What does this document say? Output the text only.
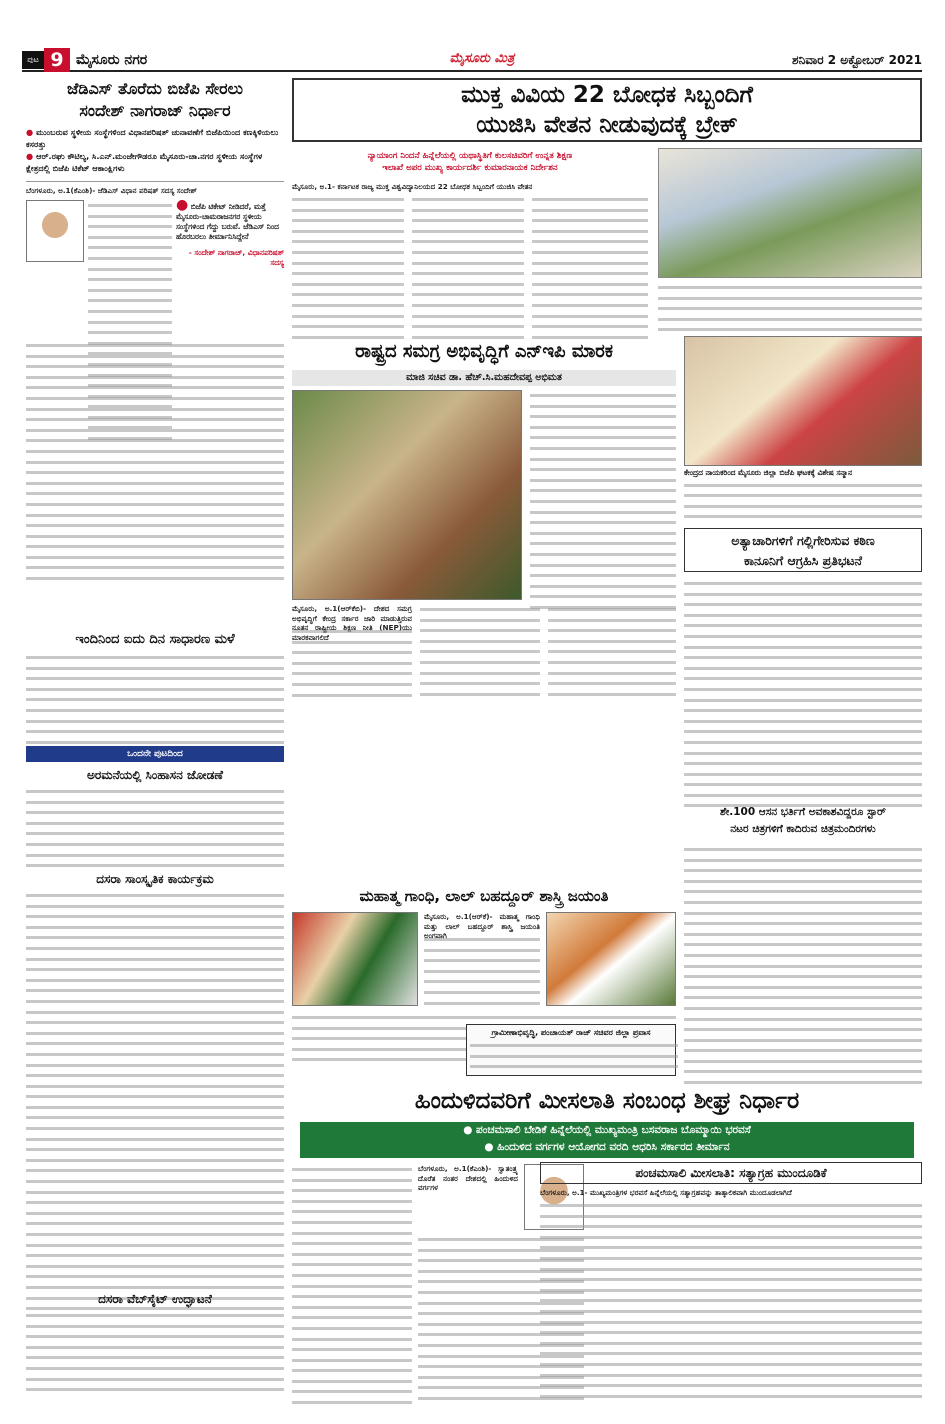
ಪುಟ 9 ಮೈಸೂರು ನಗರ	ಮೈಸೂರು ಮಿತ್ರ	ಶನಿವಾರ 2 ಅಕ್ಟೋಬರ್ 2021
ಜೆಡಿಎಸ್ ತೊರೆದು ಬಿಜೆಪಿ ಸೇರಲು
ಸಂದೇಶ್ ನಾಗರಾಜ್ ನಿರ್ಧಾರ
● ಮುಂಬರುವ ಸ್ಥಳೀಯ ಸಂಸ್ಥೆಗಳಿಂದ ವಿಧಾನಪರಿಷತ್ ಚುನಾವಣೆಗೆ ಬಿಜೆಪಿಯಿಂದ ಕಣಕ್ಕಿಳಿಯಲು ಕಸರತ್ತು
● ಆರ್.ರಘು ಕೌಟಿಲ್ಯ, ಸಿ.ಎನ್.ಮಂಜೇಗೌಡರೂ ಮೈಸೂರು-ಚಾ.ನಗರ ಸ್ಥಳೀಯ ಸಂಸ್ಥೆಗಳ ಕ್ಷೇತ್ರದಲ್ಲಿ ಬಿಜೆಪಿ ಟಿಕೆಟ್ ಆಕಾಂಕ್ಷಿಗಳು
ಬೆಂಗಳೂರು, ಅ.1(ಕೆಎಂಶಿ)- ಜೆಡಿಎಸ್ ವಿಧಾನ ಪರಿಷತ್ ಸದಸ್ಯ ಸಂದೇಶ್
● ಬಿಜೆಪಿ ಟಿಕೇಟ್ ನೀಡಿದರೆ, ಮತ್ತೆ ಮೈಸೂರು-ಚಾಮರಾಜನಗರ ಸ್ಥಳೀಯ ಸಂಸ್ಥೆಗಳಿಂದ ಗೆದ್ದು ಬರುವೆ. ಜೆಡಿಎಸ್ ನಿಂದ ಹೊರಬರಲು ತೀರ್ಮಾನಿಸಿದ್ದೇನೆ
- ಸಂದೇಶ್ ನಾಗರಾಜ್, ವಿಧಾನಪರಿಷತ್ ಸದಸ್ಯ
ಇಂದಿನಿಂದ ಐದು ದಿನ ಸಾಧಾರಣ ಮಳೆ
ಒಂದನೇ ಪುಟದಿಂದ
ಅರಮನೆಯಲ್ಲಿ ಸಿಂಹಾಸನ ಜೋಡಣೆ
ದಸರಾ ಸಾಂಸ್ಕೃತಿಕ ಕಾರ್ಯಕ್ರಮ
ದಸರಾ ವೆಬ್‌ಸೈಟ್ ಉದ್ಘಾಟನೆ
ಮುಕ್ತ ವಿವಿಯ 22 ಬೋಧಕ ಸಿಬ್ಬಂದಿಗೆ
ಯುಜಿಸಿ ವೇತನ ನೀಡುವುದಕ್ಕೆ ಬ್ರೇಕ್
ನ್ಯಾಯಾಂಗ ನಿಂದನೆ ಹಿನ್ನೆಲೆಯಲ್ಲಿ ಯಥಾಸ್ಥಿತಿಗೆ ಕುಲಸಚಿವರಿಗೆ ಉನ್ನತ ಶಿಕ್ಷಣ
ಇಲಾಖೆ ಅಪರ ಮುಖ್ಯ ಕಾರ್ಯದರ್ಶಿ ಕುಮಾರನಾಯಕ ನಿರ್ದೇಶನ
ಮೈಸೂರು, ಅ.1- ಕರ್ನಾಟಕ ರಾಜ್ಯ ಮುಕ್ತ ವಿಶ್ವವಿದ್ಯಾನಿಲಯದ 22 ಬೋಧಕ ಸಿಬ್ಬಂದಿಗೆ ಯುಜಿಸಿ ವೇತನ
ರಾಷ್ಟ್ರದ ಸಮಗ್ರ ಅಭಿವೃದ್ಧಿಗೆ ಎನ್‌ಇಪಿ ಮಾರಕ
ಮಾಜಿ ಸಚಿವ ಡಾ. ಹೆಚ್.ಸಿ.ಮಹದೇವಪ್ಪ ಅಭಿಮತ
ಮೈಸೂರು, ಅ.1(ಆರ್‌ಕೆಬಿ)- ದೇಶದ ಸಮಗ್ರ ಅಭಿವೃದ್ಧಿಗೆ ಕೇಂದ್ರ ಸರ್ಕಾರ ಜಾರಿ ಮಾಡುತ್ತಿರುವ
ಕೇಂದ್ರದ ನಾಯಕರಿಂದ ಮೈಸೂರು ಜಿಲ್ಲಾ ಬಿಜೆಪಿ ಘಟಕಕ್ಕೆ ವಿಶೇಷ ಸನ್ಮಾನ
ಅತ್ಯಾಚಾರಿಗಳಿಗೆ ಗಲ್ಲಿಗೇರಿಸುವ ಕಠಿಣ
ಕಾನೂನಿಗೆ ಆಗ್ರಹಿಸಿ ಪ್ರತಿಭಟನೆ
ಮಹಾತ್ಮ ಗಾಂಧಿ, ಲಾಲ್ ಬಹದ್ದೂರ್ ಶಾಸ್ತ್ರಿ ಜಯಂತಿ
ಮೈಸೂರು, ಅ.1(ಆರ್‌ಕೆ)- ಮಹಾತ್ಮ ಗಾಂಧಿ ಮತ್ತು ಲಾಲ್ ಬಹದ್ದೂರ್ ಶಾಸ್ತ್ರಿ ಜಯಂತಿ
ಶೇ.100 ಆಸನ ಭರ್ತಿಗೆ ಅವಕಾಶವಿದ್ದರೂ ಸ್ಟಾರ್
ನಟರ ಚಿತ್ರಗಳಿಗೆ ಕಾದಿರುವ ಚಿತ್ರಮಂದಿರಗಳು
ಗ್ರಾಮೀಣಾಭಿವೃದ್ಧಿ, ಪಂಚಾಯತ್ ರಾಜ್ ಸಚಿವರ ಜಿಲ್ಲಾ ಪ್ರವಾಸ
ಹಿಂದುಳಿದವರಿಗೆ ಮೀಸಲಾತಿ ಸಂಬಂಧ ಶೀಘ್ರ ನಿರ್ಧಾರ
● ಪಂಚಮಸಾಲಿ ಬೇಡಿಕೆ ಹಿನ್ನೆಲೆಯಲ್ಲಿ ಮುಖ್ಯಮಂತ್ರಿ ಬಸವರಾಜ ಬೊಮ್ಮಾಯಿ ಭರವಸೆ
● ಹಿಂದುಳಿದ ವರ್ಗಗಳ ಆಯೋಗದ ವರದಿ ಆಧರಿಸಿ ಸರ್ಕಾರದ ತೀರ್ಮಾನ
ಬೆಂಗಳೂರು, ಅ.1(ಕೆಎಂಶಿ)- ಸ್ವಾತಂತ್ರ್ಯ ದೊರೆತ ನಂತರ ದೇಶದಲ್ಲಿ ಹಿಂದುಳಿದ ವರ್ಗಗಳ
ಪಂಚಮಸಾಲಿ ಮೀಸಲಾತಿ: ಸತ್ಯಾಗ್ರಹ ಮುಂದೂಡಿಕೆ
ಬೆಂಗಳೂರು, ಅ.1- ಮುಖ್ಯಮಂತ್ರಿಗಳ ಭರವಸೆ ಹಿನ್ನೆಲೆಯಲ್ಲಿ ಸತ್ಯಾಗ್ರಹವನ್ನು ತಾತ್ಕಾಲಿಕವಾಗಿ ಮುಂದೂಡಲಾಗಿದೆ
